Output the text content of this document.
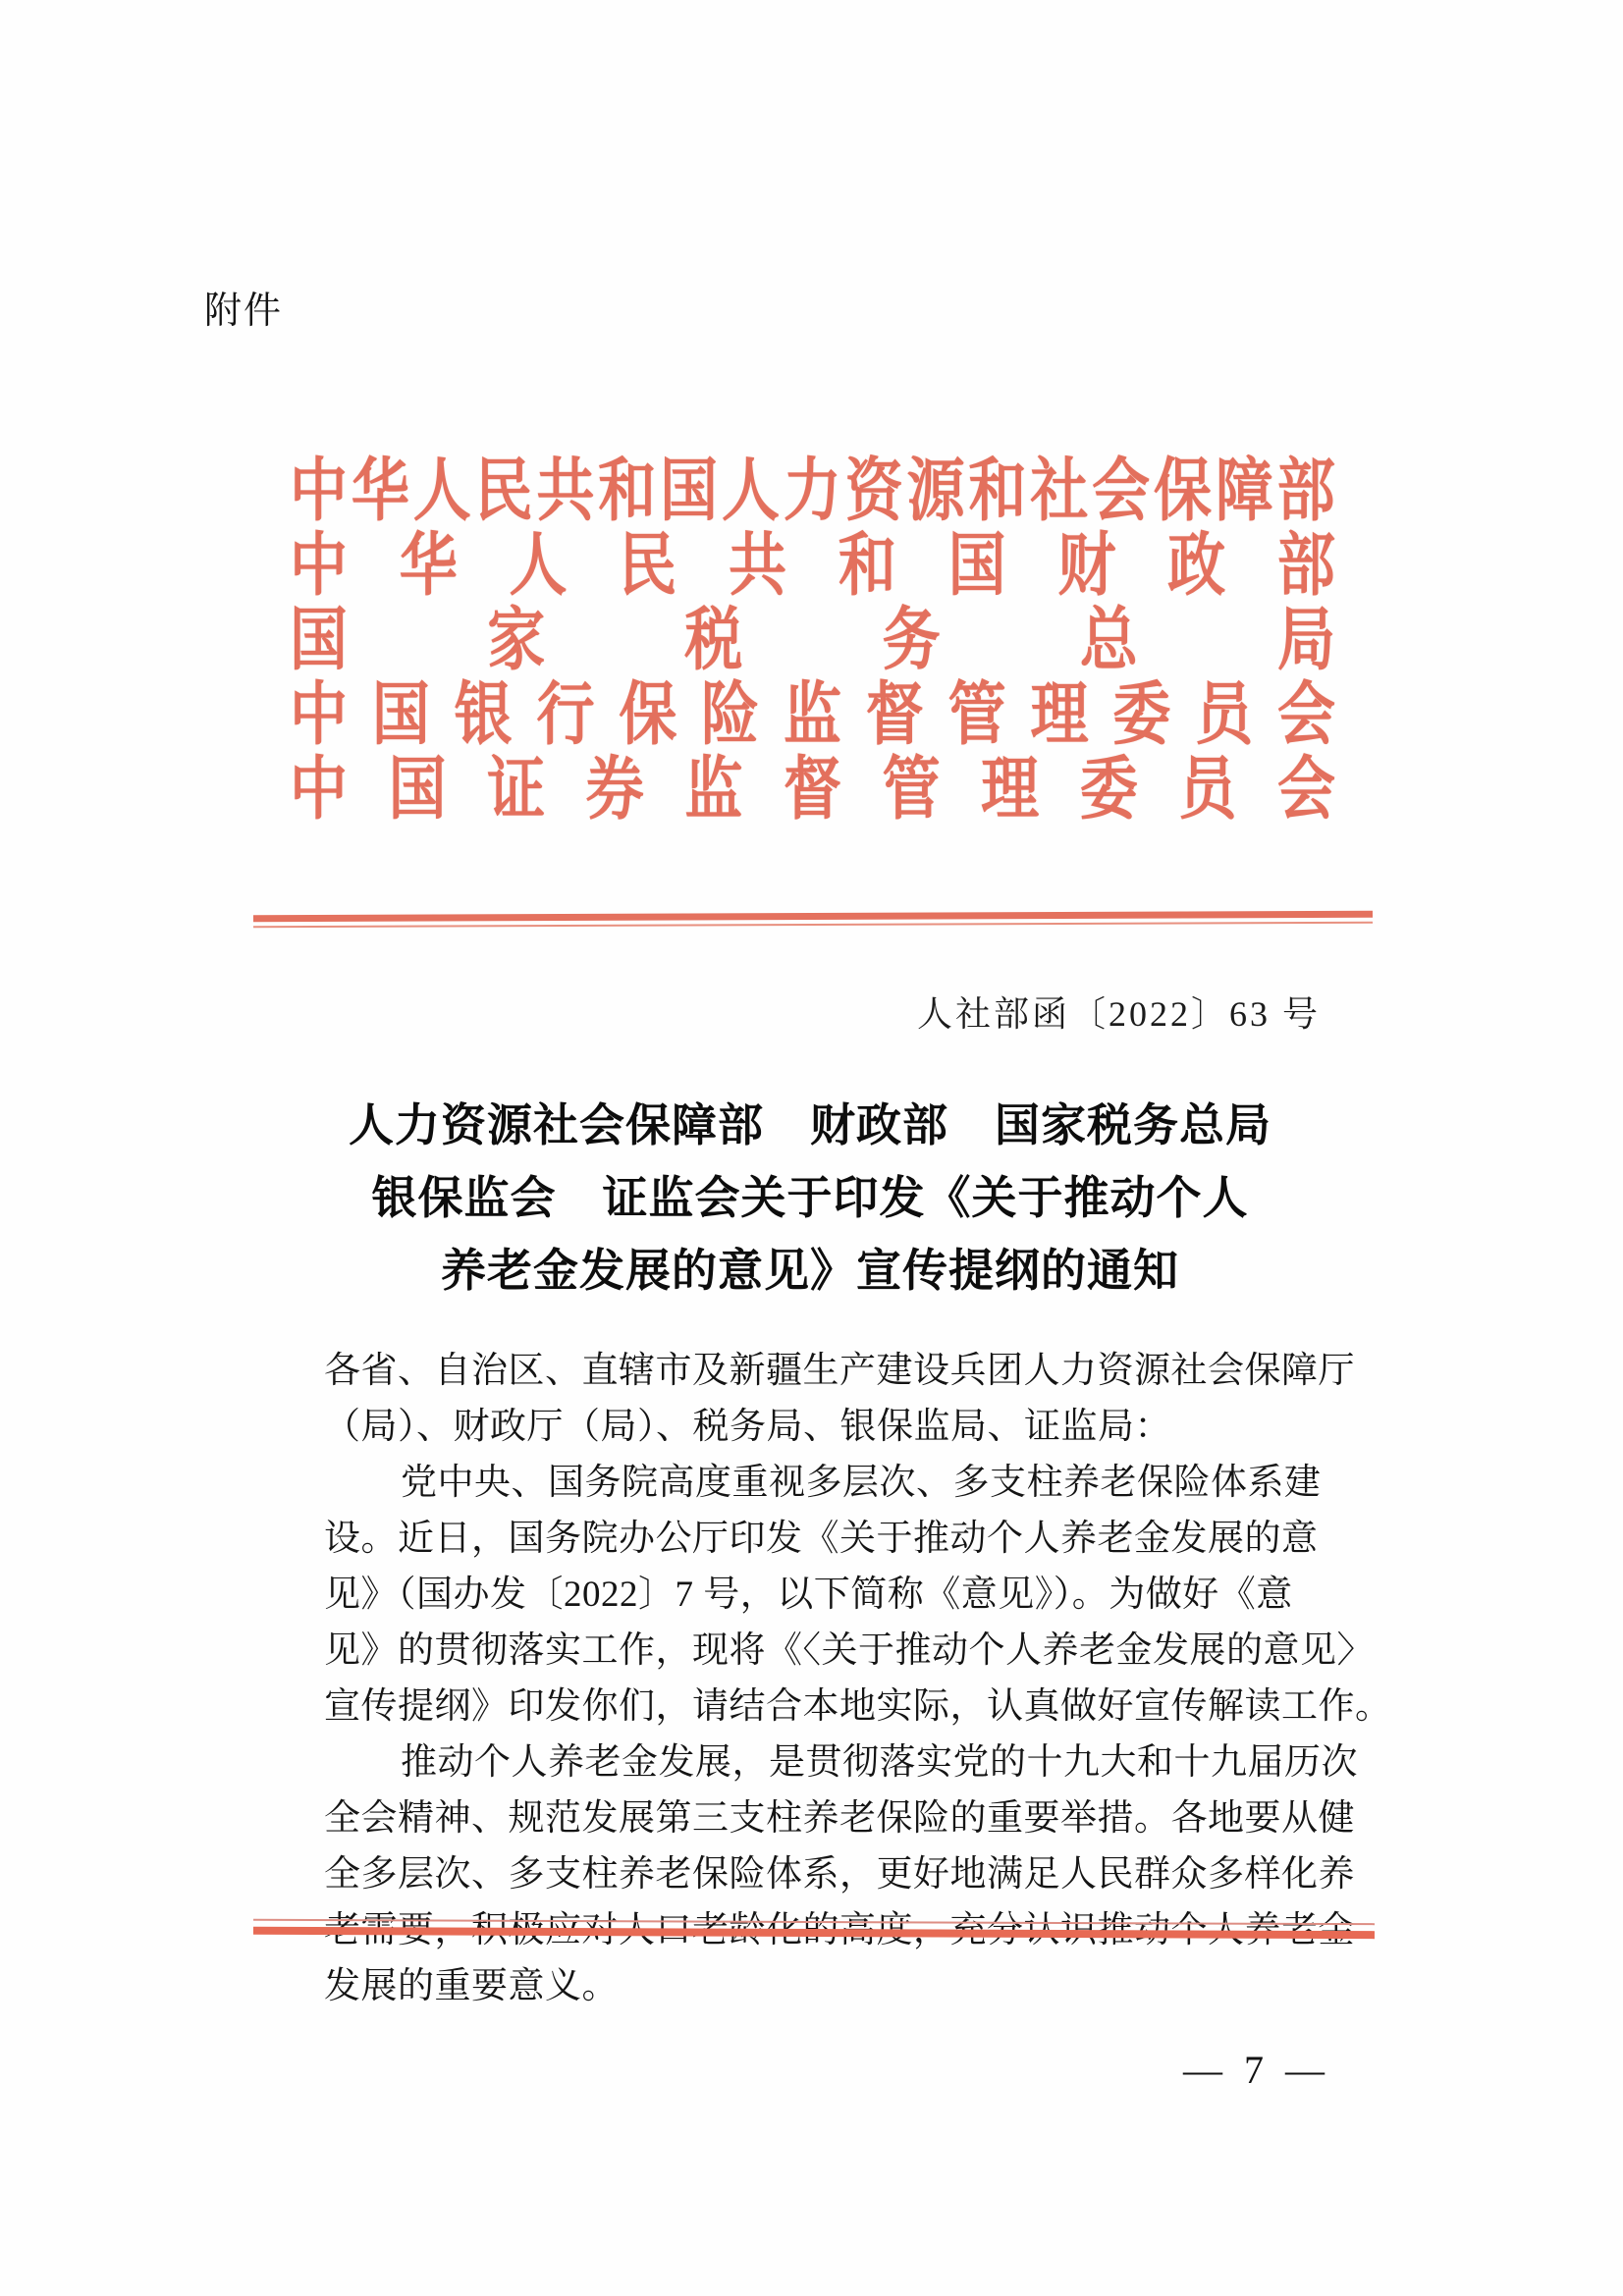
附件
中 华 人 民 共 和 国 人 力 资 源 和 社 会 保 障 部
中 华 人 民 共 和 国 财 政 部
国 家 税 务 总 局
中 国 银 行 保 险 监 督 管 理 委 员 会
中 国 证 券 监 督 管 理 委 员 会
人社部函〔2022〕63 号
人力资源社会保障部　财政部　国家税务总局
银保监会　证监会关于印发《关于推动个人
养老金发展的意见》宣传提纲的通知
各省、自治区、直辖市及新疆生产建设兵团人力资源社会保障厅
（局）、财政厅（局）、税务局、银保监局、证监局：
党中央、国务院高度重视多层次、多支柱养老保险体系建
设。近日，国务院办公厅印发《关于推动个人养老金发展的意
见》（国办发〔2022〕7 号，以下简称《意见》）。为做好《意
见》的贯彻落实工作，现将《〈关于推动个人养老金发展的意见〉
宣传提纲》印发你们，请结合本地实际，认真做好宣传解读工作。
推动个人养老金发展，是贯彻落实党的十九大和十九届历次
全会精神、规范发展第三支柱养老保险的重要举措。各地要从健
全多层次、多支柱养老保险体系，更好地满足人民群众多样化养
发展的重要意义。
— 7 —
